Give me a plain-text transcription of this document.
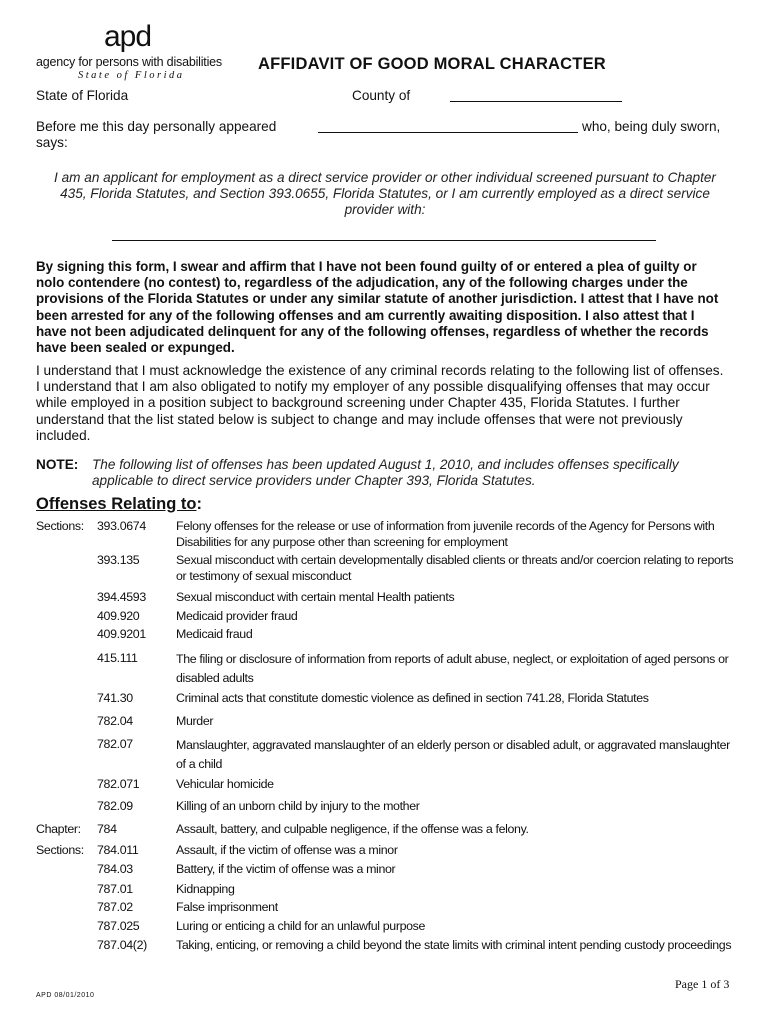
apd
agency for persons with disabilities
State of Florida
AFFIDAVIT OF GOOD MORAL CHARACTER
State of Florida	County of
Before me this day personally appeared	who, being duly sworn,
says:
I am an applicant for employment as a direct service provider or other individual screened pursuant to Chapter 435, Florida Statutes, and Section 393.0655, Florida Statutes, or I am currently employed as a direct service provider with:
By signing this form, I swear and affirm that I have not been found guilty of or entered a plea of guilty or nolo contendere (no contest) to, regardless of the adjudication, any of the following charges under the provisions of the Florida Statutes or under any similar statute of another jurisdiction. I attest that I have not been arrested for any of the following offenses and am currently awaiting disposition. I also attest that I have not been adjudicated delinquent for any of the following offenses, regardless of whether the records have been sealed or expunged.
I understand that I must acknowledge the existence of any criminal records relating to the following list of offenses. I understand that I am also obligated to notify my employer of any possible disqualifying offenses that may occur while employed in a position subject to background screening under Chapter 435, Florida Statutes. I further understand that the list stated below is subject to change and may include offenses that were not previously included.
NOTE: The following list of offenses has been updated August 1, 2010, and includes offenses specifically applicable to direct service providers under Chapter 393, Florida Statutes.
Offenses Relating to:
Sections: 393.0674 Felony offenses for the release or use of information from juvenile records of the Agency for Persons with Disabilities for any purpose other than screening for employment
393.135	Sexual misconduct with certain developmentally disabled clients or threats and/or coercion relating to reports or testimony of sexual misconduct
394.4593 Sexual misconduct with certain mental Health patients
409.920	Medicaid provider fraud
409.9201 Medicaid fraud
415.111	The filing or disclosure of information from reports of adult abuse, neglect, or exploitation of aged persons or disabled adults
741.30	Criminal acts that constitute domestic violence as defined in section 741.28, Florida Statutes
782.04	Murder
782.07	Manslaughter, aggravated manslaughter of an elderly person or disabled adult, or aggravated manslaughter of a child
782.071	Vehicular homicide
782.09	Killing of an unborn child by injury to the mother
Chapter: 784	Assault, battery, and culpable negligence, if the offense was a felony.
Sections: 784.011	Assault, if the victim of offense was a minor
784.03	Battery, if the victim of offense was a minor
787.01	Kidnapping
787.02	False imprisonment
787.025	Luring or enticing a child for an unlawful purpose
787.04(2) Taking, enticing, or removing a child beyond the state limits with criminal intent pending custody proceedings
Page 1 of 3
APD 08/01/2010
